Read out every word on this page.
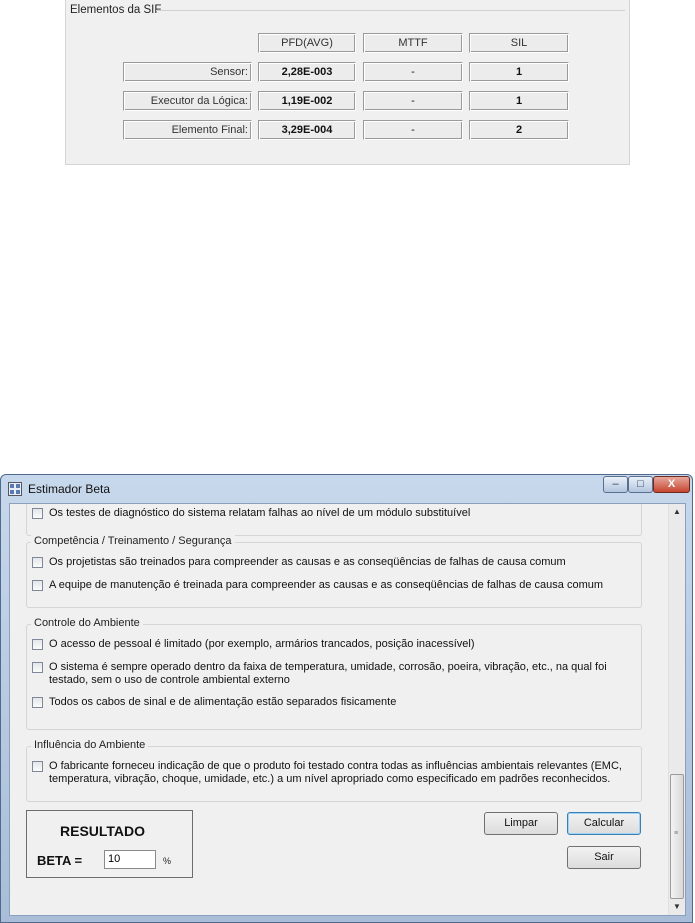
Elementos da SIF
PFD(AVG)	MTTF	SIL
Sensor:	2,28E-003	-	1
Executor da Lógica:	1,19E-002	-	1
Elemento Final:	3,29E-004	-	2
Estimador Beta	–	□	X
Os testes de diagnóstico do sistema relatam falhas ao nível de um módulo substituível
Competência / Treinamento / Segurança
Os projetistas são treinados para compreender as causas e as conseqüências de falhas de causa comum
A equipe de manutenção é treinada para compreender as causas e as conseqüências de falhas de causa comum
Controle do Ambiente
O acesso de pessoal é limitado (por exemplo, armários trancados, posição inacessível)
O sistema é sempre operado dentro da faixa de temperatura, umidade, corrosão, poeira, vibração, etc., na qual foi testado, sem o uso de controle ambiental externo
Todos os cabos de sinal e de alimentação estão separados fisicamente
Influência do Ambiente
O fabricante forneceu indicação de que o produto foi testado contra todas as influências ambientais relevantes (EMC, temperatura, vibração, choque, umidade, etc.) a um nível apropriado como especificado em padrões reconhecidos.
RESULTADO
BETA =	10	%
Limpar	Calcular
Sair
▲
≡
▼
